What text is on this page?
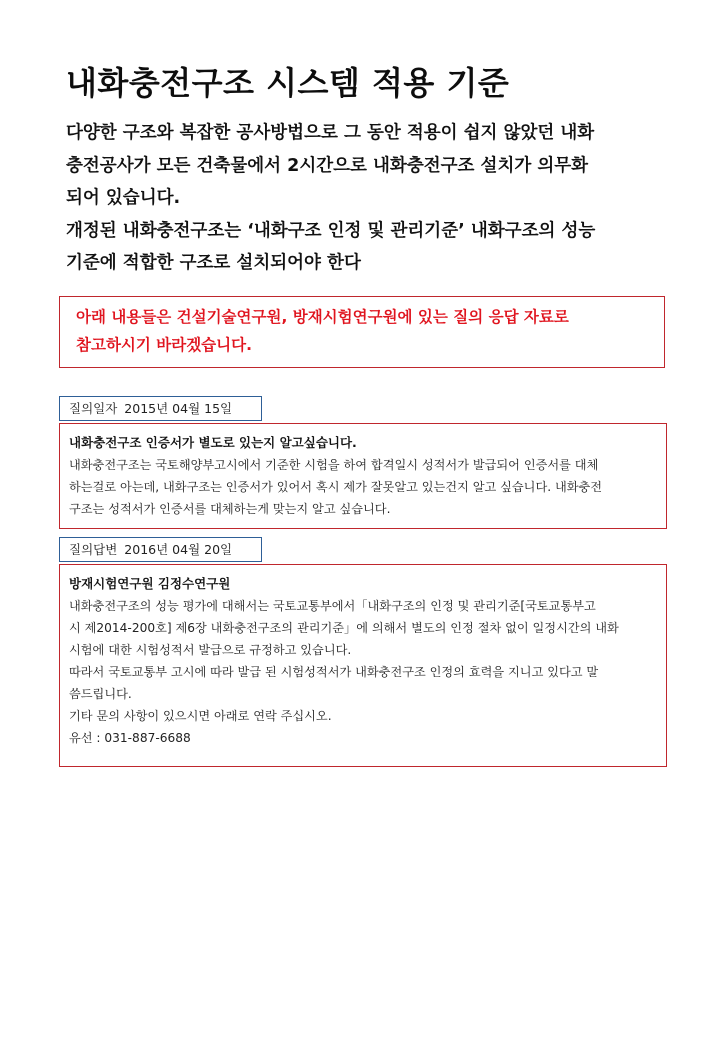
내화충전구조 시스템 적용 기준
다양한 구조와 복잡한 공사방법으로 그 동안 적용이 쉽지 않았던 내화
충전공사가 모든 건축물에서 2시간으로 내화충전구조 설치가 의무화
되어 있습니다.
개정된 내화충전구조는 ‘내화구조 인정 및 관리기준’ 내화구조의 성능
기준에 적합한 구조로 설치되어야 한다
아래 내용들은 건설기술연구원, 방재시험연구원에 있는 질의 응답 자료로
참고하시기 바라겠습니다.
질의일자 2015년 04월 15일
내화충전구조 인증서가 별도로 있는지 알고싶습니다.
내화충전구조는 국토해양부고시에서 기준한 시험을 하여 합격일시 성적서가 발급되어 인증서를 대체
하는걸로 아는데, 내화구조는 인증서가 있어서 혹시 제가 잘못알고 있는건지 알고 싶습니다. 내화충전
구조는 성적서가 인증서를 대체하는게 맞는지 알고 싶습니다.
질의답변 2016년 04월 20일
방재시험연구원 김정수연구원
내화충전구조의 성능 평가에 대해서는 국토교통부에서「내화구조의 인정 및 관리기준[국토교통부고
시 제2014-200호] 제6장 내화충전구조의 관리기준」에 의해서 별도의 인정 절차 없이 일정시간의 내화
시험에 대한 시험성적서 발급으로 규정하고 있습니다.
따라서 국토교통부 고시에 따라 발급 된 시험성적서가 내화충전구조 인정의 효력을 지니고 있다고 말
씀드립니다.
기타 문의 사항이 있으시면 아래로 연락 주십시오.
유선 : 031-887-6688
